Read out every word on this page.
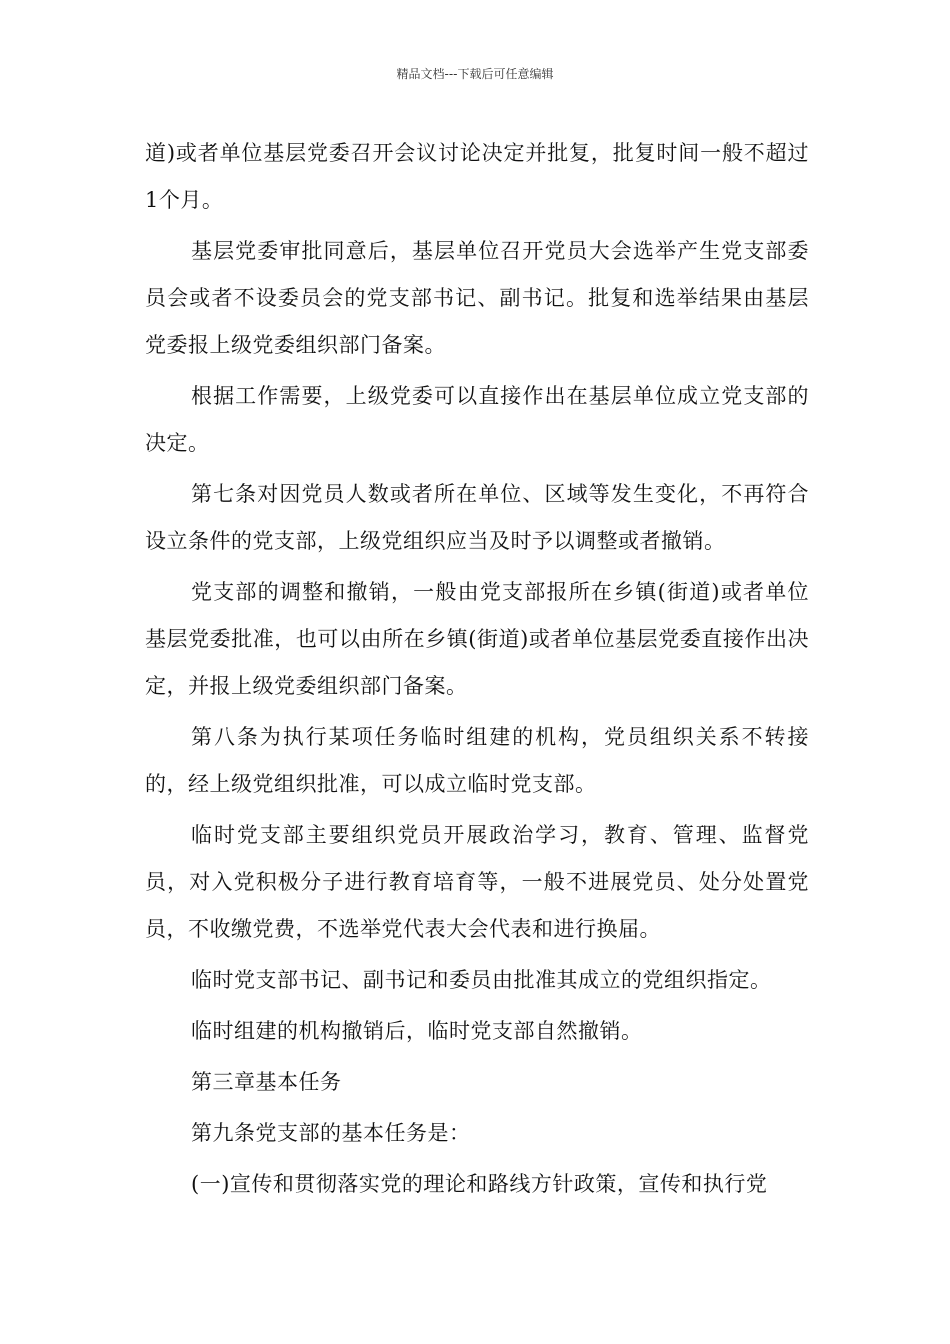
精品文档---下载后可任意编辑

道)或者单位基层党委召开会议讨论决定并批复，批复时间一般不超过1个月。

基层党委审批同意后，基层单位召开党员大会选举产生党支部委员会或者不设委员会的党支部书记、副书记。批复和选举结果由基层党委报上级党委组织部门备案。

根据工作需要，上级党委可以直接作出在基层单位成立党支部的决定。

第七条对因党员人数或者所在单位、区域等发生变化，不再符合设立条件的党支部，上级党组织应当及时予以调整或者撤销。

党支部的调整和撤销，一般由党支部报所在乡镇(街道)或者单位基层党委批准，也可以由所在乡镇(街道)或者单位基层党委直接作出决定，并报上级党委组织部门备案。

第八条为执行某项任务临时组建的机构，党员组织关系不转接的，经上级党组织批准，可以成立临时党支部。

临时党支部主要组织党员开展政治学习，教育、管理、监督党员，对入党积极分子进行教育培育等，一般不进展党员、处分处置党员，不收缴党费，不选举党代表大会代表和进行换届。

临时党支部书记、副书记和委员由批准其成立的党组织指定。

临时组建的机构撤销后，临时党支部自然撤销。

第三章基本任务

第九条党支部的基本任务是：

(一)宣传和贯彻落实党的理论和路线方针政策，宣传和执行党
